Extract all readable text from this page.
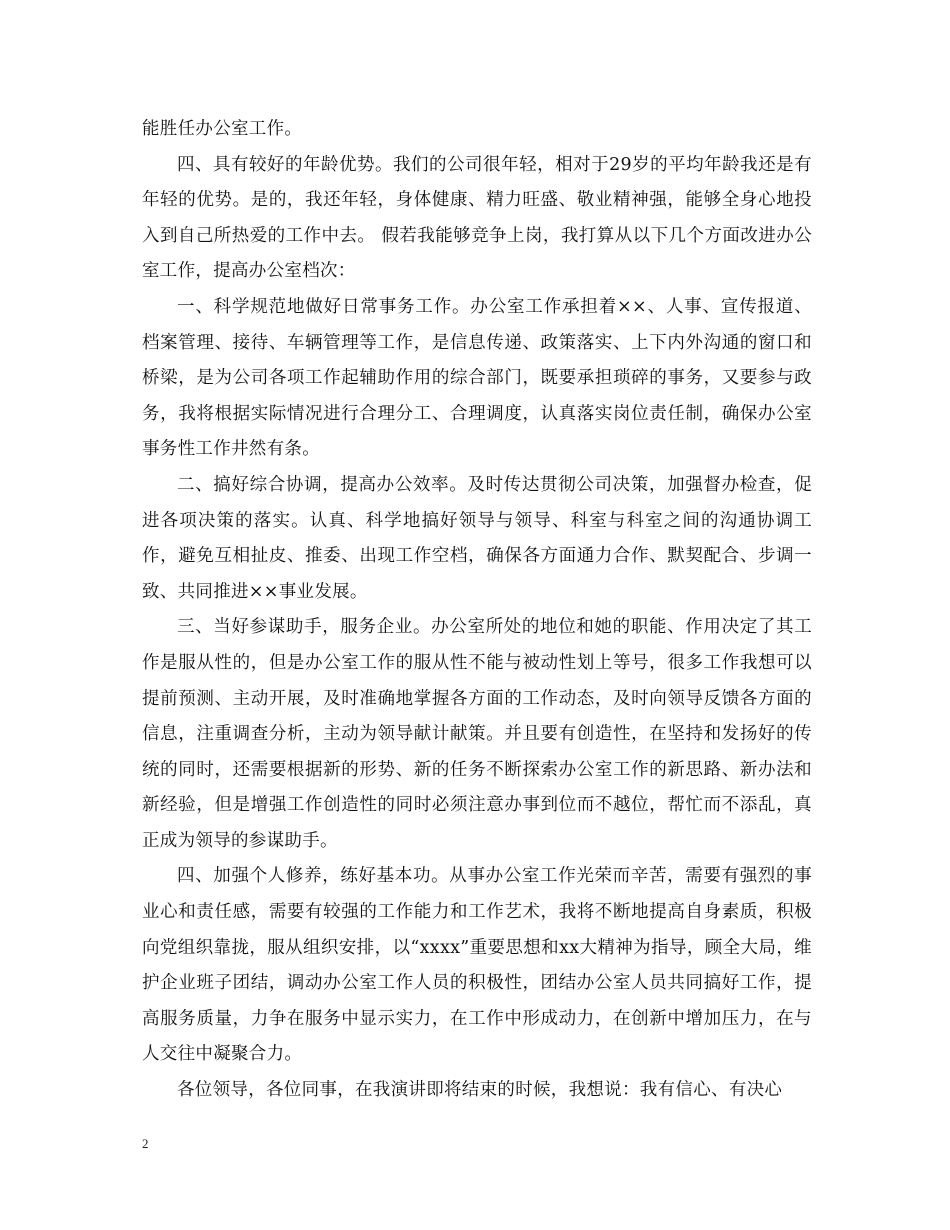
能胜任办公室工作。

四、具有较好的年龄优势。我们的公司很年轻，相对于29岁的平均年龄我还是有年轻的优势。是的，我还年轻，身体健康、精力旺盛、敬业精神强，能够全身心地投入到自己所热爱的工作中去。 假若我能够竞争上岗，我打算从以下几个方面改进办公室工作，提高办公室档次：

一、科学规范地做好日常事务工作。办公室工作承担着××、人事、宣传报道、档案管理、接待、车辆管理等工作，是信息传递、政策落实、上下内外沟通的窗口和桥梁，是为公司各项工作起辅助作用的综合部门，既要承担琐碎的事务，又要参与政务，我将根据实际情况进行合理分工、合理调度，认真落实岗位责任制，确保办公室事务性工作井然有条。

二、搞好综合协调，提高办公效率。及时传达贯彻公司决策，加强督办检查，促进各项决策的落实。认真、科学地搞好领导与领导、科室与科室之间的沟通协调工作，避免互相扯皮、推委、出现工作空档，确保各方面通力合作、默契配合、步调一致、共同推进××事业发展。

三、当好参谋助手，服务企业。办公室所处的地位和她的职能、作用决定了其工作是服从性的，但是办公室工作的服从性不能与被动性划上等号，很多工作我想可以提前预测、主动开展，及时准确地掌握各方面的工作动态，及时向领导反馈各方面的信息，注重调查分析，主动为领导献计献策。并且要有创造性，在坚持和发扬好的传统的同时，还需要根据新的形势、新的任务不断探索办公室工作的新思路、新办法和新经验，但是增强工作创造性的同时必须注意办事到位而不越位，帮忙而不添乱，真正成为领导的参谋助手。

四、加强个人修养，练好基本功。从事办公室工作光荣而辛苦，需要有强烈的事业心和责任感，需要有较强的工作能力和工作艺术，我将不断地提高自身素质，积极向党组织靠拢，服从组织安排，以“xxxx”重要思想和xx大精神为指导，顾全大局，维护企业班子团结，调动办公室工作人员的积极性，团结办公室人员共同搞好工作，提高服务质量，力争在服务中显示实力，在工作中形成动力，在创新中增加压力，在与人交往中凝聚合力。

各位领导，各位同事，在我演讲即将结束的时候，我想说：我有信心、有决心

2
